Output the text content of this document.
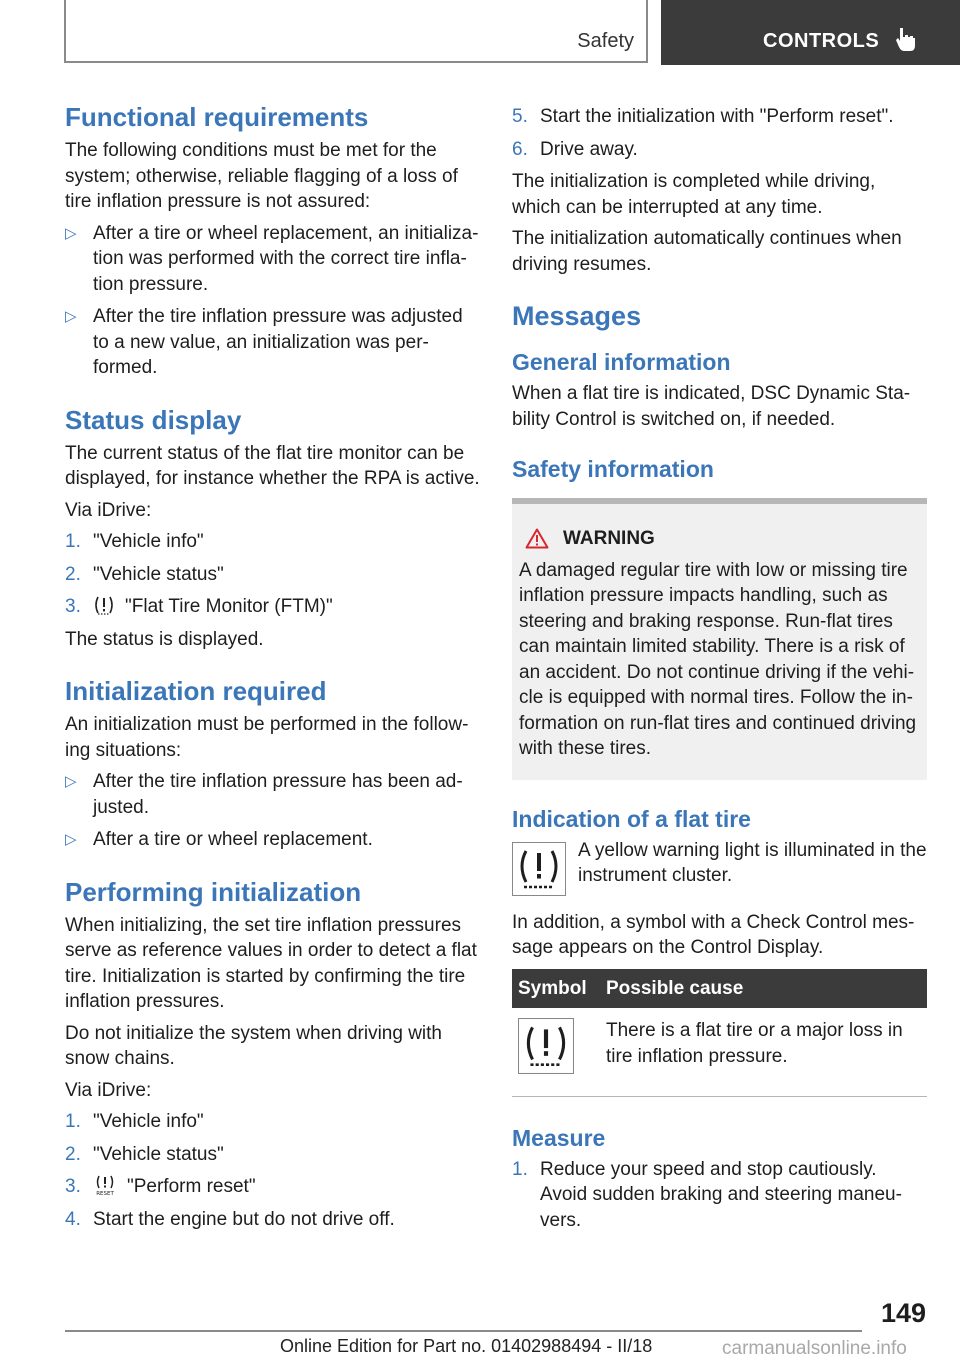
Safety	CONTROLS
Functional requirements

The following conditions must be met for the system; otherwise, reliable flagging of a loss of tire inflation pressure is not assured:

▷ After a tire or wheel replacement, an initialization was performed with the correct tire inflation pressure.
▷ After the tire inflation pressure was adjusted to a new value, an initialization was performed.
Status display

The current status of the flat tire monitor can be displayed, for instance whether the RPA is active.

Via iDrive:

1. "Vehicle info"
2. "Vehicle status"
3. "Flat Tire Monitor (FTM)"

The status is displayed.

Initialization required

An initialization must be performed in the following situations:

▷ After the tire inflation pressure has been adjusted.
▷ After a tire or wheel replacement.
Performing initialization

When initializing, the set tire inflation pressures serve as reference values in order to detect a flat tire. Initialization is started by confirming the tire inflation pressures.

Do not initialize the system when driving with snow chains.

Via iDrive:

1. "Vehicle info"
2. "Vehicle status"
3.	RESET "Perform reset"
4. Start the engine but do not drive off.
5. Start the initialization with "Perform reset".
6. Drive away.

The initialization is completed while driving, which can be interrupted at any time.

The initialization automatically continues when driving resumes.

Messages
General information

When a flat tire is indicated, DSC Dynamic Stability Control is switched on, if needed.

Safety information
WARNING

A damaged regular tire with low or missing tire inflation pressure impacts handling, such as steering and braking response. Run-flat tires can maintain limited stability. There is a risk of an accident. Do not continue driving if the vehicle is equipped with normal tires. Follow the information on run-flat tires and continued driving with these tires.

Indication of a flat tire

A yellow warning light is illuminated in the instrument cluster.

In addition, a symbol with a Check Control message appears on the Control Display.

Symbol	Possible cause
	There is a flat tire or a major loss in tire inflation pressure.
Measure
1. Reduce your speed and stop cautiously. Avoid sudden braking and steering maneuvers.
149
Online Edition for Part no. 01402988494 - II/18	carmanualsonline.info
